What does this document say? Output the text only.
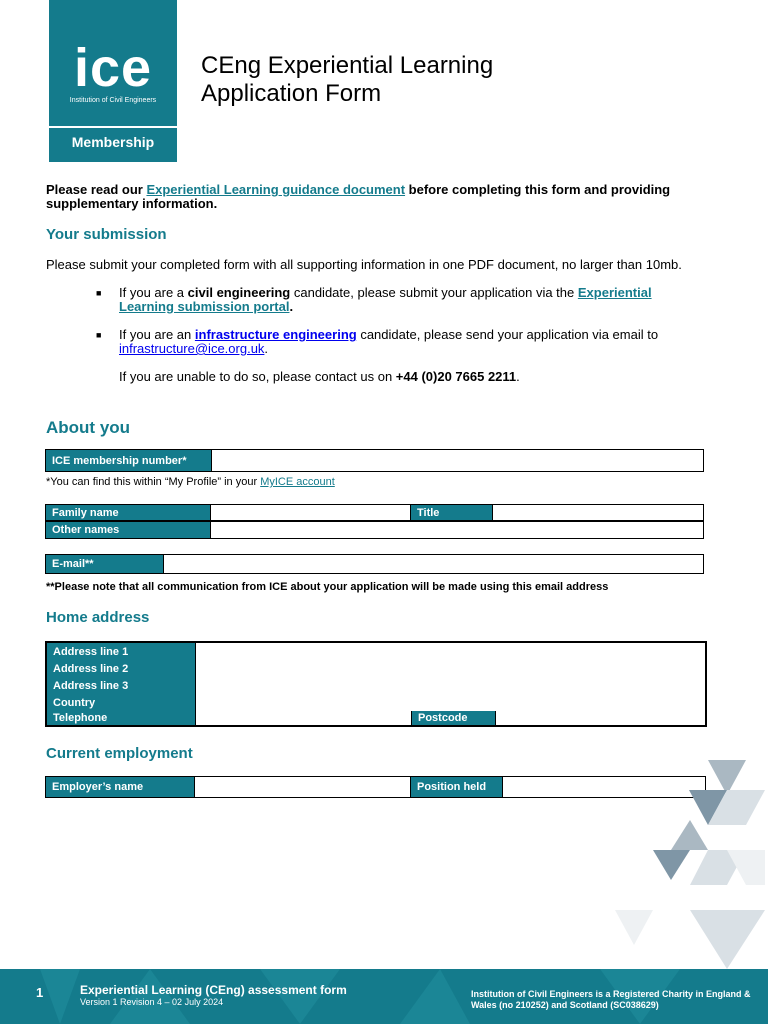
ice
Institution of Civil Engineers
Membership
CEng Experiential Learning
Application Form
Please read our Experiential Learning guidance document before completing this form and providing supplementary information.
Your submission
Please submit your completed form with all supporting information in one PDF document, no larger than 10mb.
■ If you are a civil engineering candidate, please submit your application via the Experiential Learning submission portal.
■ If you are an infrastructure engineering candidate, please send your application via email to infrastructure@ice.org.uk.
If you are unable to do so, please contact us on +44 (0)20 7665 2211.
About you
ICE membership number*
*You can find this within “My Profile” in your MyICE account
Family name	Title
Other names
E-mail**
**Please note that all communication from ICE about your application will be made using this email address
Home address
Address line 1
Address line 2
Address line 3
Country
Telephone	Postcode
Current employment
Employer’s name	Position held
1	Experiential Learning (CEng) assessment form
Version 1 Revision 4 – 02 July 2024
Institution of Civil Engineers is a Registered Charity in England & Wales (no 210252) and Scotland (SC038629)
